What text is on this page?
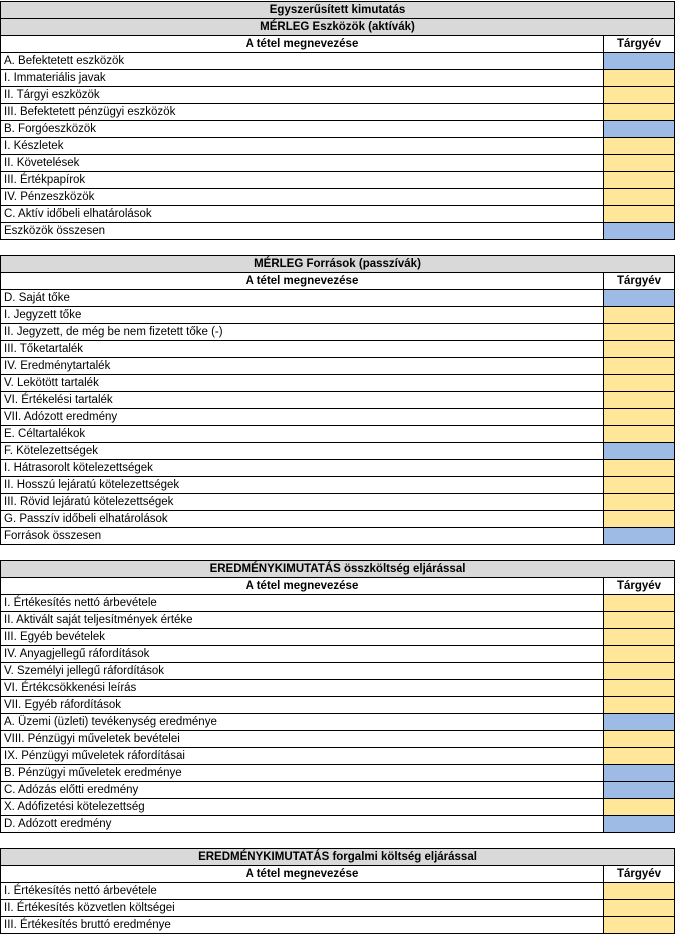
Egyszerűsített kimutatás	
MÉRLEG Eszközök (aktívák)	
A tétel megnevezése	Tárgyév
A. Befektetett eszközök	
I. Immateriális javak	
II. Tárgyi eszközök	
III. Befektetett pénzügyi eszközök	
B. Forgóeszközök	
I. Készletek	
II. Követelések	
III. Értékpapírok	
IV. Pénzeszközök	
C. Aktív időbeli elhatárolások	
Eszközök összesen	
MÉRLEG Források (passzívák)	
A tétel megnevezése	Tárgyév
D. Saját tőke	
I. Jegyzett tőke	
II. Jegyzett, de még be nem fizetett tőke (-)	
III. Tőketartalék	
IV. Eredménytartalék	
V. Lekötött tartalék	
VI. Értékelési tartalék	
VII. Adózott eredmény	
E. Céltartalékok	
F. Kötelezettségek	
I. Hátrasorolt kötelezettségek	
II. Hosszú lejáratú kötelezettségek	
III. Rövid lejáratú kötelezettségek	
G. Passzív időbeli elhatárolások	
Források összesen	
EREDMÉNYKIMUTATÁS összköltség eljárással	
A tétel megnevezése	Tárgyév
I. Értékesítés nettó árbevétele	
II. Aktivált saját teljesítmények értéke	
III. Egyéb bevételek	
IV. Anyagjellegű ráfordítások	
V. Személyi jellegű ráfordítások	
VI. Értékcsökkenési leírás	
VII. Egyéb ráfordítások	
A. Üzemi (üzleti) tevékenység eredménye	
VIII. Pénzügyi műveletek bevételei	
IX. Pénzügyi műveletek ráfordításai	
B. Pénzügyi műveletek eredménye	
C. Adózás előtti eredmény	
X. Adófizetési kötelezettség	
D. Adózott eredmény	
EREDMÉNYKIMUTATÁS forgalmi költség eljárással	
A tétel megnevezése	Tárgyév
I. Értékesítés nettó árbevétele	
II. Értékesítés közvetlen költségei	
III. Értékesítés bruttó eredménye	
